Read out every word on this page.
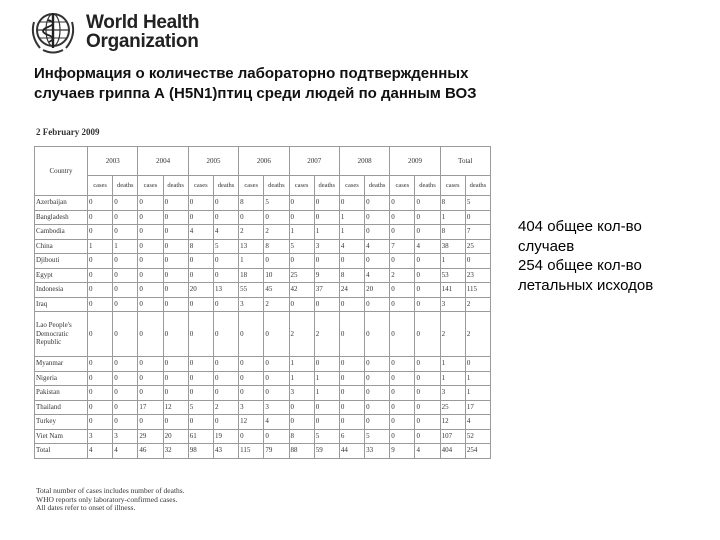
World Health
Organization
Информация о количестве лабораторно подтвержденных случаев гриппа А (H5N1)птиц среди людей по данным ВОЗ
2 February 2009
Country	2003		2004		2005		2006		2007		2008		2009		Total	
	cases	deaths	cases	deaths	cases	deaths	cases	deaths	cases	deaths	cases	deaths	cases	deaths	cases	deaths
Azerbaijan	0	0	0	0	0	0	8	5	0	0	0	0	0	0	8	5
Bangladesh	0	0	0	0	0	0	0	0	0	0	1	0	0	0	1	0
Cambodia	0	0	0	0	4	4	2	2	1	1	1	0	0	0	8	7
China	1	1	0	0	8	5	13	8	5	3	4	4	7	4	38	25
Djibouti	0	0	0	0	0	0	1	0	0	0	0	0	0	0	1	0
Egypt	0	0	0	0	0	0	18	10	25	9	8	4	2	0	53	23
Indonesia	0	0	0	0	20	13	55	45	42	37	24	20	0	0	141	115
Iraq	0	0	0	0	0	0	3	2	0	0	0	0	0	0	3	2
Lao People's Democratic Republic	0	0	0	0	0	0	0	0	2	2	0	0	0	0	2	2
Myanmar	0	0	0	0	0	0	0	0	1	0	0	0	0	0	1	0
Nigeria	0	0	0	0	0	0	0	0	1	1	0	0	0	0	1	1
Pakistan	0	0	0	0	0	0	0	0	3	1	0	0	0	0	3	1
Thailand	0	0	17	12	5	2	3	3	0	0	0	0	0	0	25	17
Turkey	0	0	0	0	0	0	12	4	0	0	0	0	0	0	12	4
Viet Nam	3	3	29	20	61	19	0	0	8	5	6	5	0	0	107	52
Total	4	4	46	32	98	43	115	79	88	59	44	33	9	4	404	254
Total number of cases includes number of deaths.
WHO reports only laboratory-confirmed cases.
All dates refer to onset of illness.
404 общее кол-во
случаев
254 общее кол-во
летальных исходов
